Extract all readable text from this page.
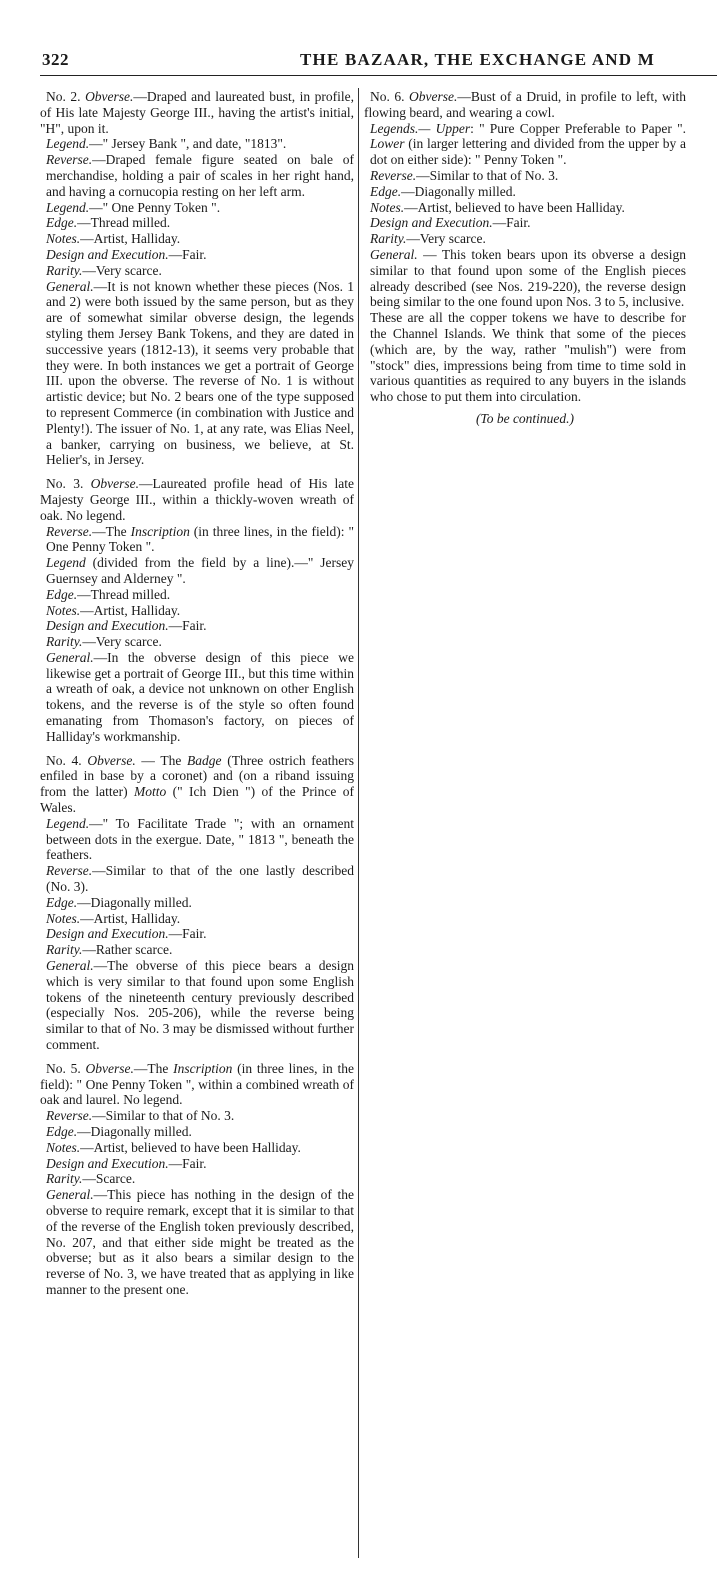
322	THE BAZAAR, THE EXCHANGE AND M

No. 2. Obverse.—Draped and laureated bust, in profile, of His late Majesty George III., having the artist's initial, "H", upon it.

Legend.—" Jersey Bank ", and date, "1813".

Reverse.—Draped female figure seated on bale of merchandise, holding a pair of scales in her right hand, and having a cornucopia resting on her left arm.

Legend.—" One Penny Token ".

Edge.—Thread milled.

Notes.—Artist, Halliday.

Design and Execution.—Fair.

Rarity.—Very scarce.

General.—It is not known whether these pieces (Nos. 1 and 2) were both issued by the same person, but as they are of somewhat similar obverse design, the legends styling them Jersey Bank Tokens, and they are dated in successive years (1812-13), it seems very probable that they were. In both instances we get a portrait of George III. upon the obverse. The reverse of No. 1 is without artistic device; but No. 2 bears one of the type supposed to represent Commerce (in combination with Justice and Plenty!). The issuer of No. 1, at any rate, was Elias Neel, a banker, carrying on business, we believe, at St. Helier's, in Jersey.

No. 3. Obverse.—Laureated profile head of His late Majesty George III., within a thickly-woven wreath of oak. No legend.

Reverse.—The Inscription (in three lines, in the field): " One Penny Token ".

Legend (divided from the field by a line).—" Jersey Guernsey and Alderney ".

Edge.—Thread milled.

Notes.—Artist, Halliday.

Design and Execution.—Fair.

Rarity.—Very scarce.

General.—In the obverse design of this piece we likewise get a portrait of George III., but this time within a wreath of oak, a device not unknown on other English tokens, and the reverse is of the style so often found emanating from Thomason's factory, on pieces of Halliday's workmanship.

No. 4. Obverse. — The Badge (Three ostrich feathers enfiled in base by a coronet) and (on a riband issuing from the latter) Motto (" Ich Dien ") of the Prince of Wales.

Legend.—" To Facilitate Trade "; with an ornament between dots in the exergue. Date, " 1813 ", beneath the feathers.

Reverse.—Similar to that of the one lastly described (No. 3).

Edge.—Diagonally milled.

Notes.—Artist, Halliday.

Design and Execution.—Fair.

Rarity.—Rather scarce.

General.—The obverse of this piece bears a design which is very similar to that found upon some English tokens of the nineteenth century previously described (especially Nos. 205-206), while the reverse being similar to that of No. 3 may be dismissed without further comment.

No. 5. Obverse.—The Inscription (in three lines, in the field): " One Penny Token ", within a combined wreath of oak and laurel. No legend.

Reverse.—Similar to that of No. 3.

Edge.—Diagonally milled.

Notes.—Artist, believed to have been Halliday.

Design and Execution.—Fair.

Rarity.—Scarce.

General.—This piece has nothing in the design of the obverse to require remark, except that it is similar to that of the reverse of the English token previously described, No. 207, and that either side might be treated as the obverse; but as it also bears a similar design to the reverse of No. 3, we have treated that as applying in like manner to the present one.

No. 6. Obverse.—Bust of a Druid, in profile to left, with flowing beard, and wearing a cowl.

Legends.— Upper: " Pure Copper Preferable to Paper ". Lower (in larger lettering and divided from the upper by a dot on either side): " Penny Token ".

Reverse.—Similar to that of No. 3.

Edge.—Diagonally milled.

Notes.—Artist, believed to have been Halliday.

Design and Execution.—Fair.

Rarity.—Very scarce.

General. — This token bears upon its obverse a design similar to that found upon some of the English pieces already described (see Nos. 219-220), the reverse design being similar to the one found upon Nos. 3 to 5, inclusive.

These are all the copper tokens we have to describe for the Channel Islands. We think that some of the pieces (which are, by the way, rather "mulish") were from "stock" dies, impressions being from time to time sold in various quantities as required to any buyers in the islands who chose to put them into circulation.

(To be continued.)
